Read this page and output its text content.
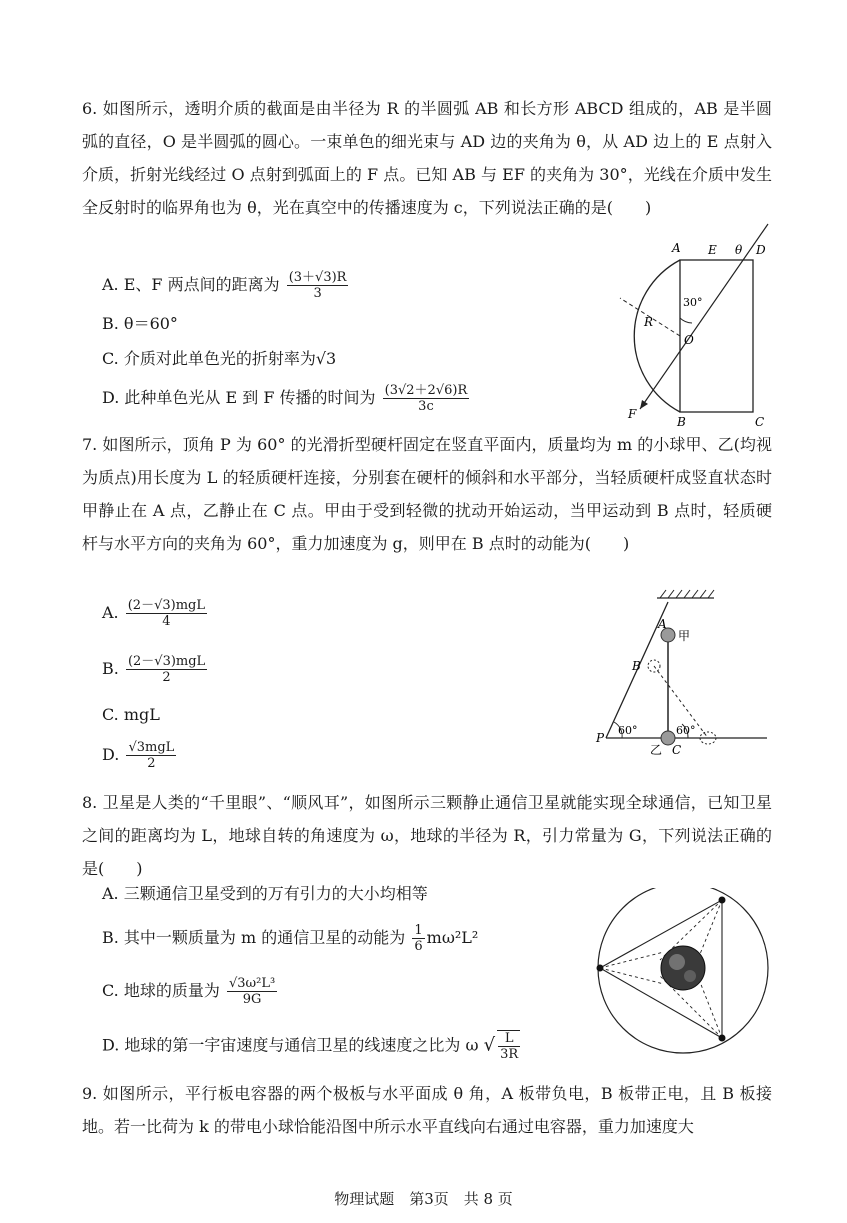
6. 如图所示，透明介质的截面是由半径为 R 的半圆弧 AB 和长方形 ABCD 组成的，AB 是半圆弧的直径，O 是半圆弧的圆心。一束单色的细光束与 AD 边的夹角为 θ，从 AD 边上的 E 点射入介质，折射光线经过 O 点射到弧面上的 F 点。已知 AB 与 EF 的夹角为 30°，光线在介质中发生全反射时的临界角也为 θ，光在真空中的传播速度为 c，下列说法正确的是(　　)
A. E、F 两点间的距离为 $\frac{(3+√3)R}{3}$
B. θ＝60°
C. 介质对此单色光的折射率为√3
D. 此种单色光从 E 到 F 传播的时间为 $\frac{(3√2+2√6)R}{3c}$
A E θ D
30°
R
O
F
B	C
7. 如图所示，顶角 P 为 60° 的光滑折型硬杆固定在竖直平面内，质量均为 m 的小球甲、乙(均视为质点)用长度为 L 的轻质硬杆连接，分别套在硬杆的倾斜和水平部分，当轻质硬杆成竖直状态时甲静止在 A 点，乙静止在 C 点。甲由于受到轻微的扰动开始运动，当甲运动到 B 点时，轻质硬杆与水平方向的夹角为 60°，重力加速度为 g，则甲在 B 点时的动能为(　　)
A. $\frac{\text{(2－√3)mgL}}{4}$
B. $\frac{\text{(2－√3)mgL}}{2}$
C. mgL
D. $\frac{\text{√3mgL}}{2}$
A
甲
B
P
60°	60°
乙 C
8. 卫星是人类的“千里眼”、“顺风耳”，如图所示三颗静止通信卫星就能实现全球通信，已知卫星之间的距离均为 L，地球自转的角速度为 ω，地球的半径为 R，引力常量为 G，下列说法正确的是(　　)
A. 三颗通信卫星受到的万有引力的大小均相等
B. 其中一颗质量为 m 的通信卫星的动能为 $\frac{1}{6} m\omega^2L^2$
C. 地球的质量为 $\frac{\text{√3ω²L³}}{9G}$
D. 地球的第一宇宙速度与通信卫星的线速度之比为 ω √ $\frac{L}{3R}$
9. 如图所示，平行板电容器的两个极板与水平面成 θ 角，A 板带负电，B 板带正电，且 B 板接地。若一比荷为 k 的带电小球恰能沿图中所示水平直线向右通过电容器，重力加速度大
物理试题　第3页　共 8 页
